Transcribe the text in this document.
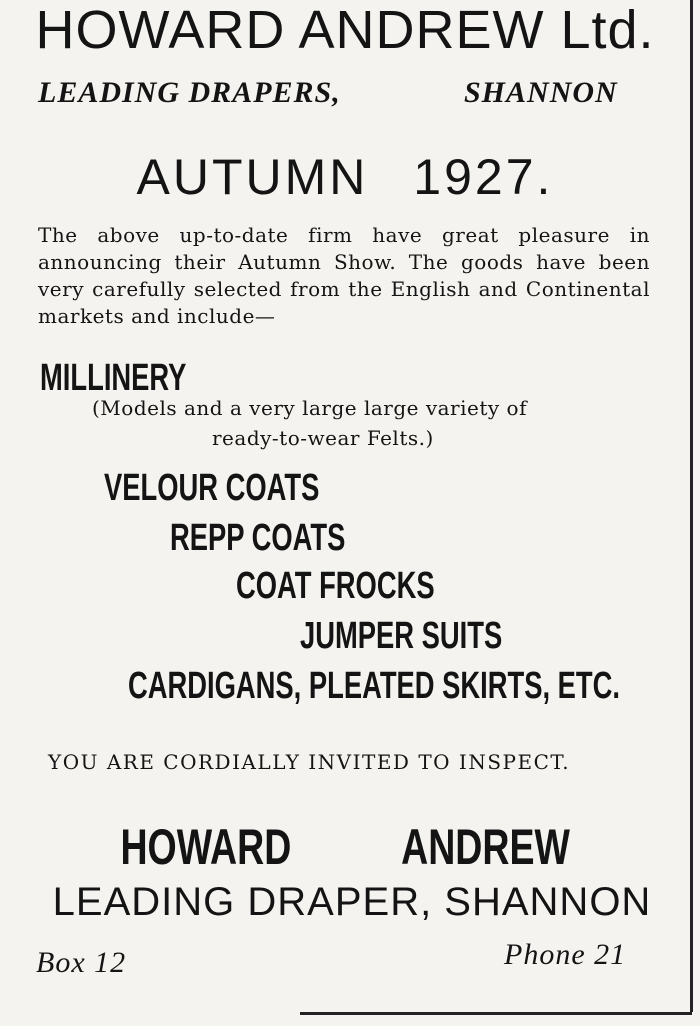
HOWARD ANDREW Ltd.
LEADING DRAPERS,	SHANNON
AUTUMN 1927.
The above up-to-date firm have great pleasure in announcing their Autumn Show. The goods have been very carefully selected from the English and Continental markets and include—
MILLINERY
(Models and a very large large variety of
ready-to-wear Felts.)
VELOUR COATS
REPP COATS
COAT FROCKS
JUMPER SUITS
CARDIGANS, PLEATED SKIRTS, ETC.
YOU ARE CORDIALLY INVITED TO INSPECT.
HOWARD ANDREW
LEADING DRAPER, SHANNON
Box 12	Phone 21
